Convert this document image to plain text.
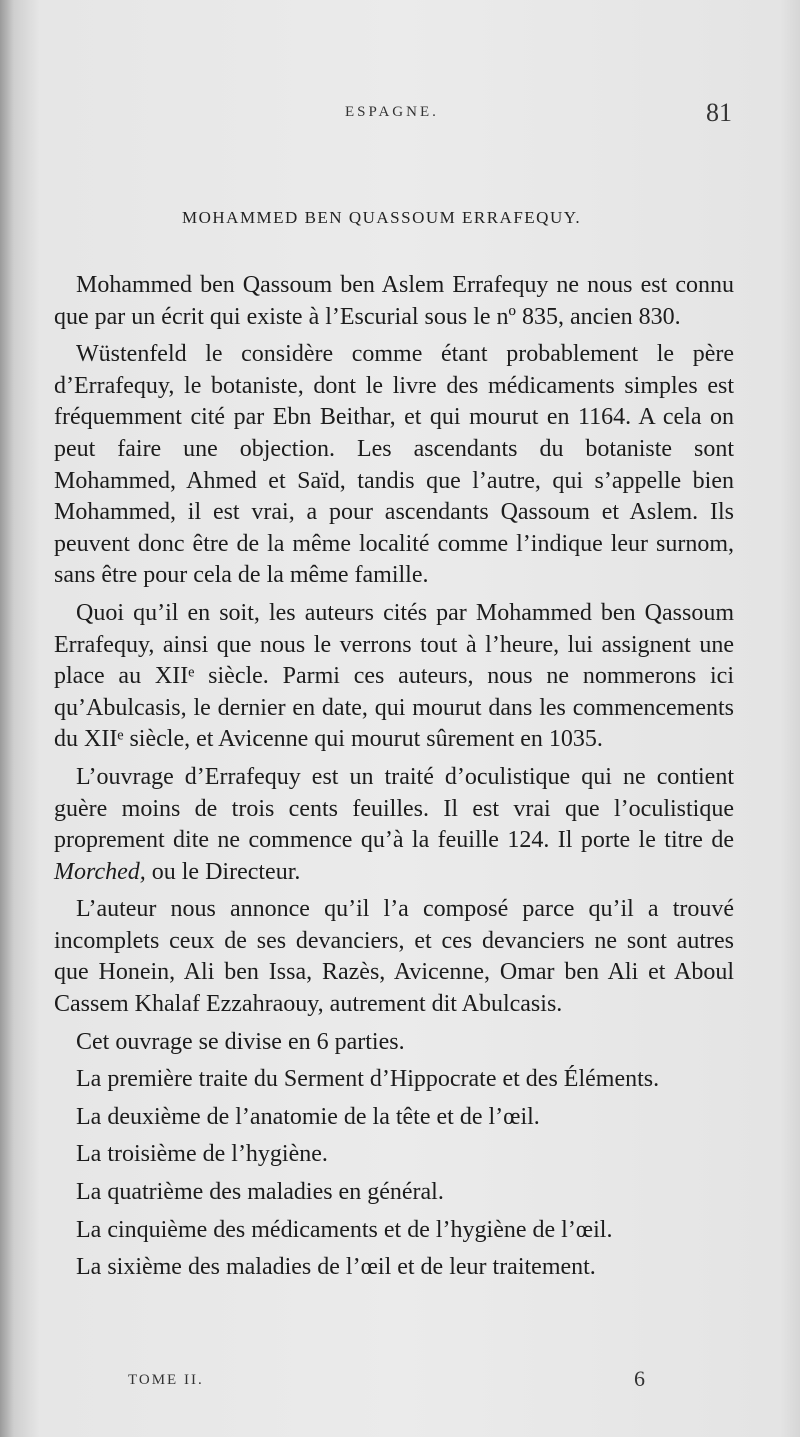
ESPAGNE.	81
MOHAMMED BEN QUASSOUM ERRAFEQUY.

Mohammed ben Qassoum ben Aslem Errafequy ne nous est connu que par un écrit qui existe à l’Escurial sous le nº 835, ancien 830.

Wüstenfeld le considère comme étant probablement le père d’Errafequy, le botaniste, dont le livre des médicaments simples est fréquemment cité par Ebn Beithar, et qui mourut en 1164. A cela on peut faire une objection. Les ascendants du botaniste sont Mohammed, Ahmed et Saïd, tandis que l’autre, qui s’appelle bien Mohammed, il est vrai, a pour ascendants Qassoum et Aslem. Ils peuvent donc être de la même localité comme l’indique leur surnom, sans être pour cela de la même famille.

Quoi qu’il en soit, les auteurs cités par Mohammed ben Qassoum Errafequy, ainsi que nous le verrons tout à l’heure, lui assignent une place au XIIᵉ siècle. Parmi ces auteurs, nous ne nommerons ici qu’Abulcasis, le dernier en date, qui mourut dans les commencements du XIIᵉ siècle, et Avicenne qui mourut sûrement en 1035.

L’ouvrage d’Errafequy est un traité d’oculistique qui ne contient guère moins de trois cents feuilles. Il est vrai que l’oculistique proprement dite ne commence qu’à la feuille 124. Il porte le titre de Morched, ou le Directeur.

L’auteur nous annonce qu’il l’a composé parce qu’il a trouvé incomplets ceux de ses devanciers, et ces devanciers ne sont autres que Honein, Ali ben Issa, Razès, Avicenne, Omar ben Ali et Aboul Cassem Khalaf Ezzahraouy, autrement dit Abulcasis.

Cet ouvrage se divise en 6 parties.

La première traite du Serment d’Hippocrate et des Éléments.

La deuxième de l’anatomie de la tête et de l’œil.

La troisième de l’hygiène.

La quatrième des maladies en général.

La cinquième des médicaments et de l’hygiène de l’œil.

La sixième des maladies de l’œil et de leur traitement.

TOME II.	6
